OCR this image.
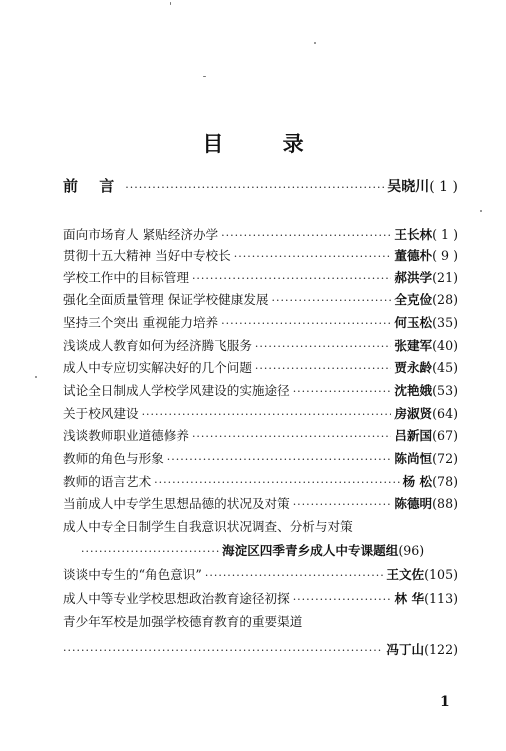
目 录
前 言 ·····	吴晓川 ( 1 )
面向市场育人 紧贴经济办学 ·····	王长林 ( 1 )
贯彻十五大精神 当好中专校长 ·····	董德朴 ( 9 )
学校工作中的目标管理 ·····	郝洪学 (21)
强化全面质量管理 保证学校健康发展 ·····	全克俭 (28)
坚持三个突出 重视能力培养 ·····	何玉松 (35)
浅谈成人教育如何为经济腾飞服务 ·····	张建军 (40)
成人中专应切实解决好的几个问题 ·····	贾永龄 (45)
试论全日制成人学校学风建设的实施途径 ·····	沈艳娥 (53)
关于校风建设 ·····	房淑贤 (64)
浅谈教师职业道德修养 ·····	吕新国 (67)
教师的角色与形象 ·····	陈尚恒 (72)
教师的语言艺术 ·····	杨 松 (78)
当前成人中专学生思想品德的状况及对策 ·····	陈德明 (88)
成人中专全日制学生自我意识状况调查、分析与对策
·····
海淀区四季青乡成人中专课题组 (96)
谈谈中专生的“角色意识” ·····	王文佐 (105)
成人中等专业学校思想政治教育途径初探 ·····	林 华 (113)
青少年军校是加强学校德育教育的重要渠道
·····
冯丁山 (122)
1
